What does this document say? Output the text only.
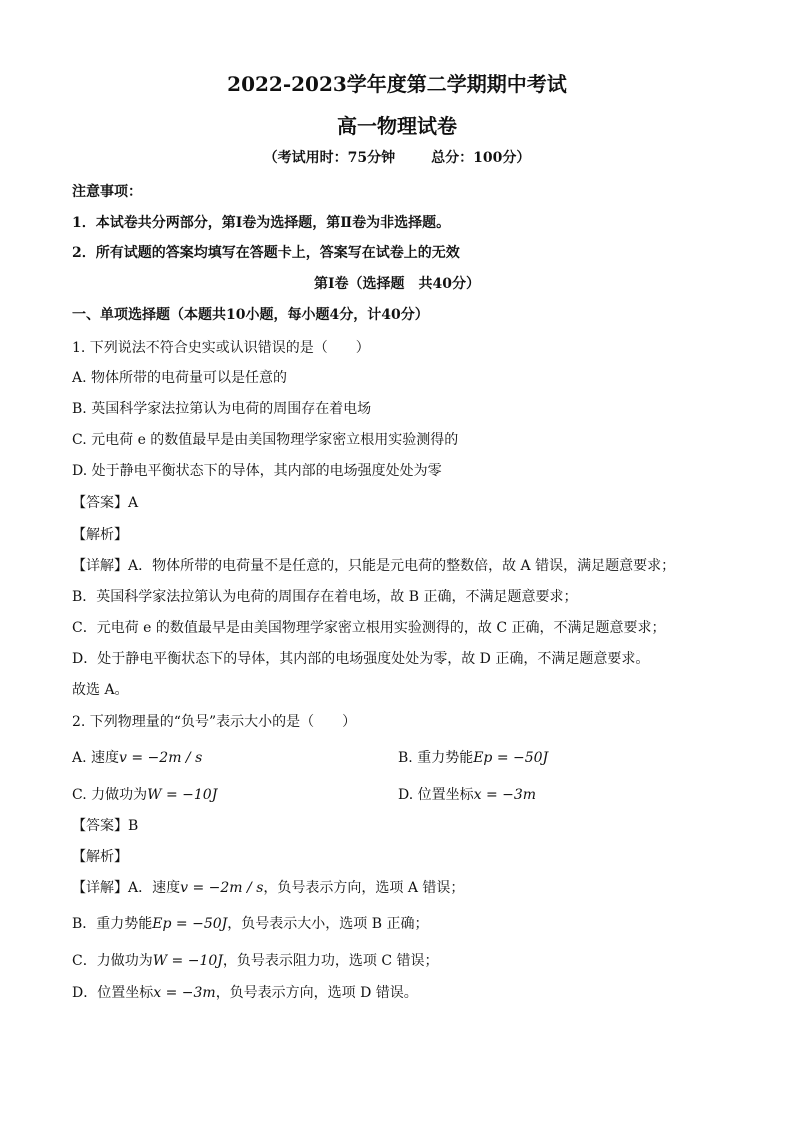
2022-2023学年度第二学期期中考试
高一物理试卷
（考试用时：75分钟	总分：100分）
注意事项：
1．本试卷共分两部分，第Ⅰ卷为选择题，第Ⅱ卷为非选择题。
2．所有试题的答案均填写在答题卡上，答案写在试卷上的无效
第Ⅰ卷（选择题　共40分）
一、单项选择题（本题共10小题，每小题4分，计40分）
1. 下列说法不符合史实或认识错误的是（　　）
A. 物体所带的电荷量可以是任意的
B. 英国科学家法拉第认为电荷的周围存在着电场
C. 元电荷 e 的数值最早是由美国物理学家密立根用实验测得的
D. 处于静电平衡状态下的导体，其内部的电场强度处处为零
【答案】A
【解析】
【详解】A．物体所带的电荷量不是任意的，只能是元电荷的整数倍，故 A 错误，满足题意要求；
B．英国科学家法拉第认为电荷的周围存在着电场，故 B 正确，不满足题意要求；
C．元电荷 e 的数值最早是由美国物理学家密立根用实验测得的，故 C 正确，不满足题意要求；
D．处于静电平衡状态下的导体，其内部的电场强度处处为零，故 D 正确，不满足题意要求。
故选 A。
2. 下列物理量的“负号”表示大小的是（　　）
A. 速度v = −2m / s	B. 重力势能Ep = −50J
C. 力做功为W = −10J	D. 位置坐标x = −3m
【答案】B
【解析】
【详解】A．速度v = −2m / s，负号表示方向，选项 A 错误；
B．重力势能Ep = −50J，负号表示大小，选项 B 正确；
C．力做功为W = −10J，负号表示阻力功，选项 C 错误；
D．位置坐标x = −3m，负号表示方向，选项 D 错误。
